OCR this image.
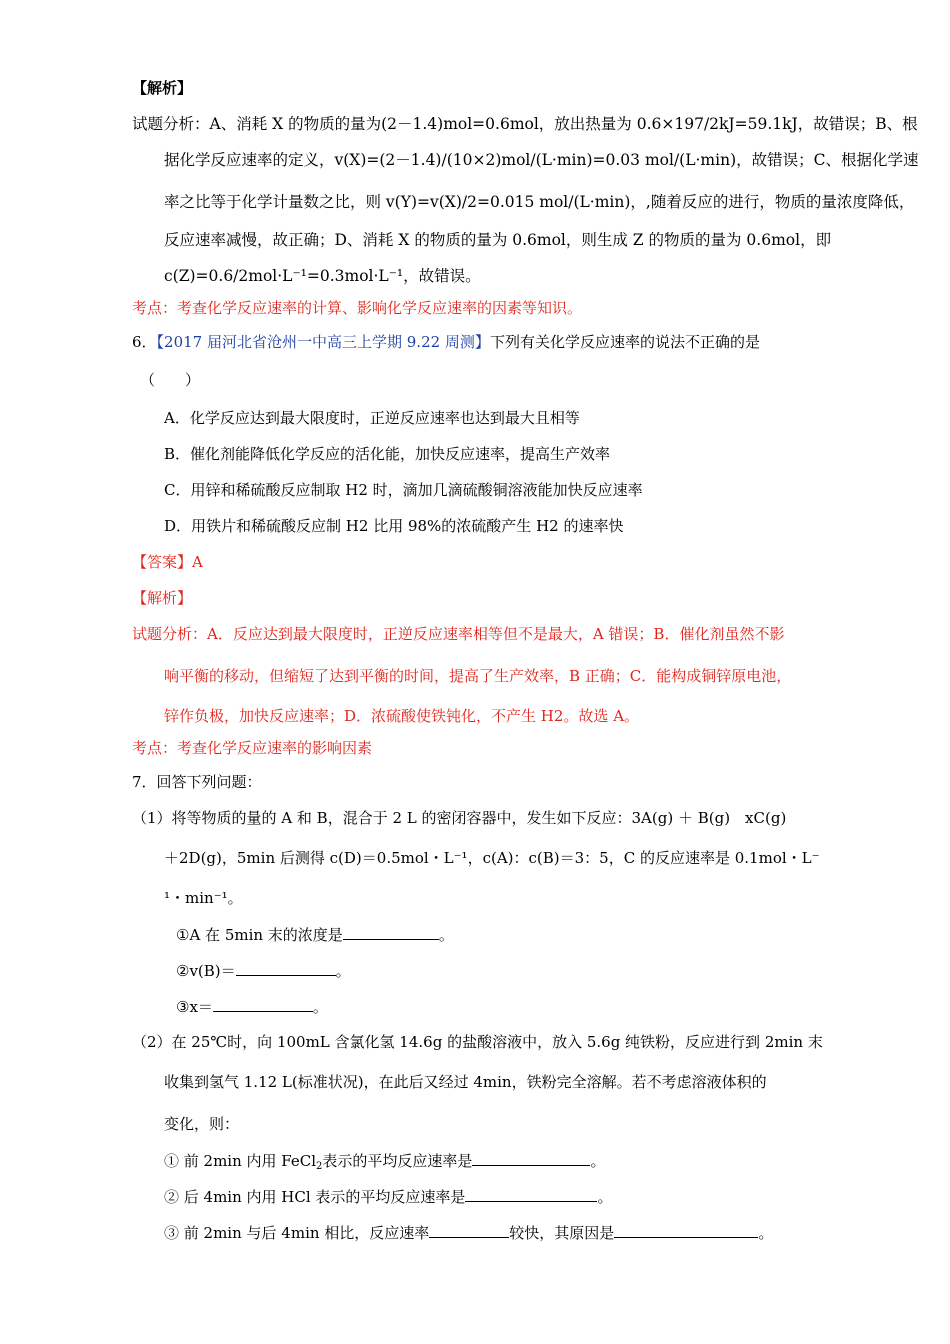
【解析】
试题分析：A、消耗 X 的物质的量为(2－1.4)mol=0.6mol，放出热量为 0.6×197/2kJ=59.1kJ，故错误；B、根
据化学反应速率的定义，v(X)=(2－1.4)/(10×2)mol/(L·min)=0.03 mol/(L·min)，故错误；C、根据化学速
率之比等于化学计量数之比，则 v(Y)=v(X)/2=0.015 mol/(L·min)，,随着反应的进行，物质的量浓度降低，
反应速率减慢，故正确；D、消耗 X 的物质的量为 0.6mol，则生成 Z 的物质的量为 0.6mol，即
c(Z)=0.6/2mol·L⁻¹=0.3mol·L⁻¹，故错误。
考点：考查化学反应速率的计算、影响化学反应速率的因素等知识。
6．【2017 届河北省沧州一中高三上学期 9.22 周测】下列有关化学反应速率的说法不正确的是
（　　）
A．化学反应达到最大限度时，正逆反应速率也达到最大且相等
B．催化剂能降低化学反应的活化能，加快反应速率，提高生产效率
C．用锌和稀硫酸反应制取 H2 时，滴加几滴硫酸铜溶液能加快反应速率
D．用铁片和稀硫酸反应制 H2 比用 98%的浓硫酸产生 H2 的速率快
【答案】A
【解析】
试题分析：A．反应达到最大限度时，正逆反应速率相等但不是最大，A 错误；B．催化剂虽然不影
响平衡的移动，但缩短了达到平衡的时间，提高了生产效率，B 正确；C．能构成铜锌原电池，
锌作负极，加快反应速率；D．浓硫酸使铁钝化，不产生 H2。故选 A。
考点：考查化学反应速率的影响因素
7．回答下列问题：
（1）将等物质的量的 A 和 B，混合于 2 L 的密闭容器中，发生如下反应：3A(g) ＋ B(g)　xC(g)
＋2D(g)，5min 后测得 c(D)＝0.5mol・L⁻¹，c(A)：c(B)＝3：5，C 的反应速率是 0.1mol・L⁻
¹・min⁻¹。
①A 在 5min 末的浓度是	。
②v(B)＝	。
③x＝	。
（2）在 25℃时，向 100mL 含氯化氢 14.6g 的盐酸溶液中，放入 5.6g 纯铁粉，反应进行到 2min 末
收集到氢气 1.12 L(标准状况)，在此后又经过 4min，铁粉完全溶解。若不考虑溶液体积的
变化，则：
① 前 2min 内用 FeCl$_2$表示的平均反应速率是	。
② 后 4min 内用 HCl 表示的平均反应速率是	。
③ 前 2min 与后 4min 相比，反应速率	较快，其原因是	。
